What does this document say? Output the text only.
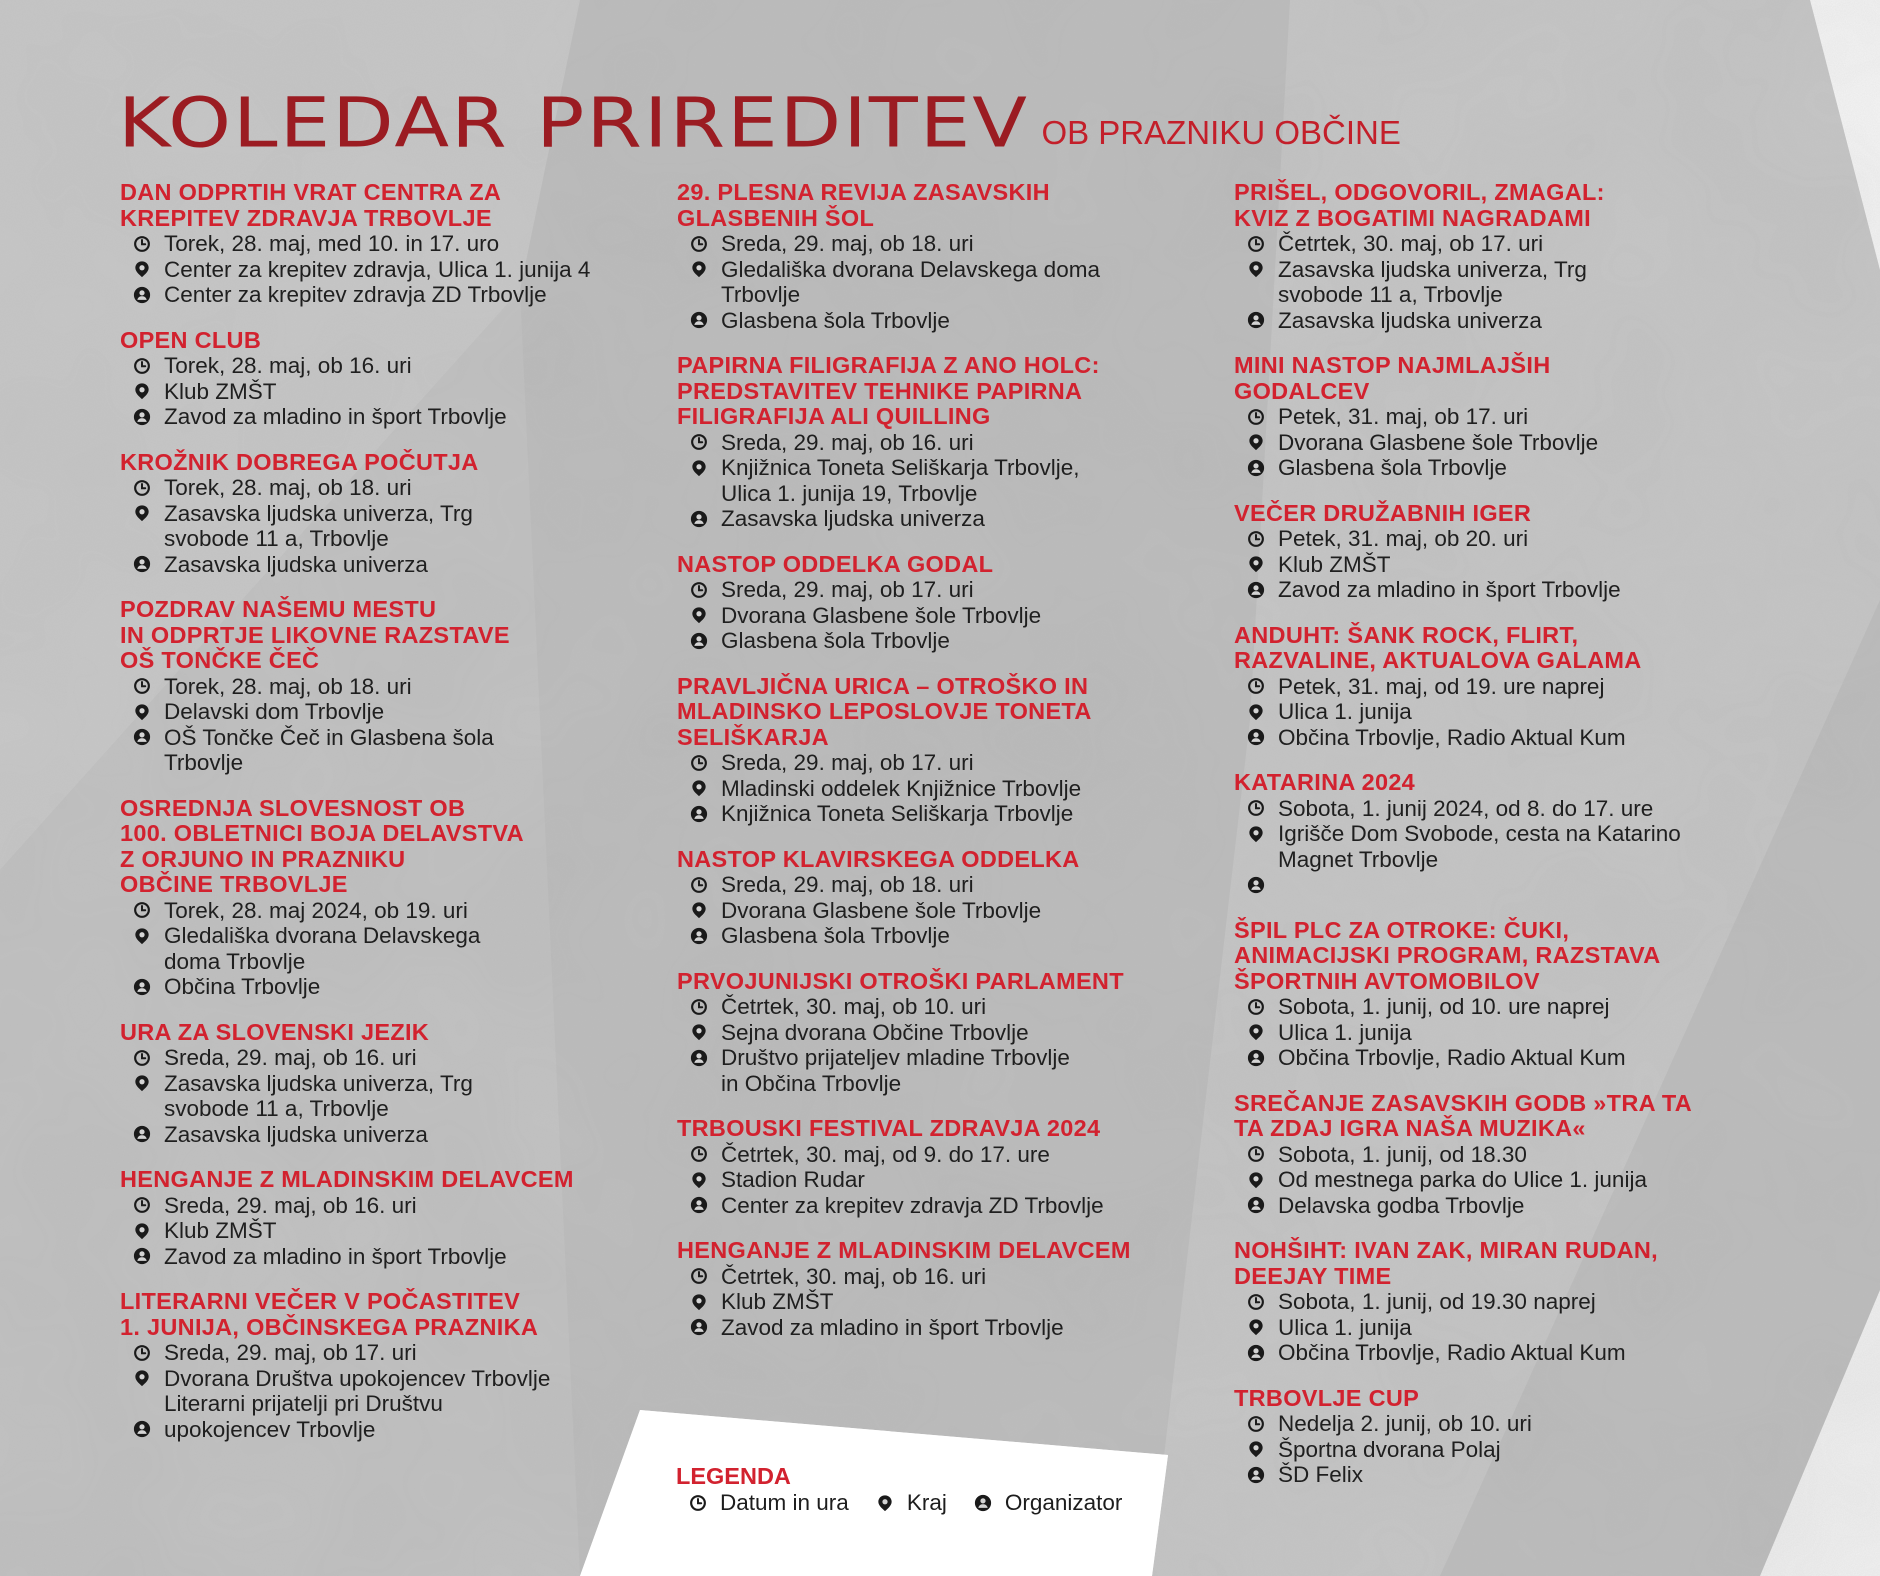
KOLEDAR PRIREDITEV OB PRAZNIKU OBČINE
DAN ODPRTIH VRAT CENTRA ZA
KREPITEV ZDRAVJA TRBOVLJE
Torek, 28. maj, med 10. in 17. uro
Center za krepitev zdravja, Ulica 1. junija 4
Center za krepitev zdravja ZD Trbovlje
OPEN CLUB
Torek, 28. maj, ob 16. uri
Klub ZMŠT
Zavod za mladino in šport Trbovlje
KROŽNIK DOBREGA POČUTJA
Torek, 28. maj, ob 18. uri
Zasavska ljudska univerza, Trg
svobode 11 a, Trbovlje
Zasavska ljudska univerza
POZDRAV NAŠEMU MESTU
IN ODPRTJE LIKOVNE RAZSTAVE
OŠ TONČKE ČEČ
Torek, 28. maj, ob 18. uri
Delavski dom Trbovlje
OŠ Tončke Čeč in Glasbena šola
Trbovlje
OSREDNJA SLOVESNOST OB
100. OBLETNICI BOJA DELAVSTVA
Z ORJUNO IN PRAZNIKU
OBČINE TRBOVLJE
Torek, 28. maj 2024, ob 19. uri
Gledališka dvorana Delavskega
doma Trbovlje
Občina Trbovlje
URA ZA SLOVENSKI JEZIK
Sreda, 29. maj, ob 16. uri
Zasavska ljudska univerza, Trg
svobode 11 a, Trbovlje
Zasavska ljudska univerza
HENGANJE Z MLADINSKIM DELAVCEM
Sreda, 29. maj, ob 16. uri
Klub ZMŠT
Zavod za mladino in šport Trbovlje
LITERARNI VEČER V POČASTITEV
1. JUNIJA, OBČINSKEGA PRAZNIKA
Sreda, 29. maj, ob 17. uri
Dvorana Društva upokojencev Trbovlje
Literarni prijatelji pri Društvu
upokojencev Trbovlje
29. PLESNA REVIJA ZASAVSKIH
GLASBENIH ŠOL
Sreda, 29. maj, ob 18. uri
Gledališka dvorana Delavskega doma
Trbovlje
Glasbena šola Trbovlje
PAPIRNA FILIGRAFIJA Z ANO HOLC:
PREDSTAVITEV TEHNIKE PAPIRNA
FILIGRAFIJA ALI QUILLING
Sreda, 29. maj, ob 16. uri
Knjižnica Toneta Seliškarja Trbovlje,
Ulica 1. junija 19, Trbovlje
Zasavska ljudska univerza
NASTOP ODDELKA GODAL
Sreda, 29. maj, ob 17. uri
Dvorana Glasbene šole Trbovlje
Glasbena šola Trbovlje
PRAVLJIČNA URICA – OTROŠKO IN
MLADINSKO LEPOSLOVJE TONETA
SELIŠKARJA
Sreda, 29. maj, ob 17. uri
Mladinski oddelek Knjižnice Trbovlje
Knjižnica Toneta Seliškarja Trbovlje
NASTOP KLAVIRSKEGA ODDELKA
Sreda, 29. maj, ob 18. uri
Dvorana Glasbene šole Trbovlje
Glasbena šola Trbovlje
PRVOJUNIJSKI OTROŠKI PARLAMENT
Četrtek, 30. maj, ob 10. uri
Sejna dvorana Občine Trbovlje
Društvo prijateljev mladine Trbovlje
in Občina Trbovlje
TRBOUSKI FESTIVAL ZDRAVJA 2024
Četrtek, 30. maj, od 9. do 17. ure
Stadion Rudar
Center za krepitev zdravja ZD Trbovlje
HENGANJE Z MLADINSKIM DELAVCEM
Četrtek, 30. maj, ob 16. uri
Klub ZMŠT
Zavod za mladino in šport Trbovlje
PRIŠEL, ODGOVORIL, ZMAGAL:
KVIZ Z BOGATIMI NAGRADAMI
Četrtek, 30. maj, ob 17. uri
Zasavska ljudska univerza, Trg
svobode 11 a, Trbovlje
Zasavska ljudska univerza
MINI NASTOP NAJMLAJŠIH
GODALCEV
Petek, 31. maj, ob 17. uri
Dvorana Glasbene šole Trbovlje
Glasbena šola Trbovlje
VEČER DRUŽABNIH IGER
Petek, 31. maj, ob 20. uri
Klub ZMŠT
Zavod za mladino in šport Trbovlje
ANDUHT: ŠANK ROCK, FLIRT,
RAZVALINE, AKTUALOVA GALAMA
Petek, 31. maj, od 19. ure naprej
Ulica 1. junija
Občina Trbovlje, Radio Aktual Kum
KATARINA 2024
Sobota, 1. junij 2024, od 8. do 17. ure
Igrišče Dom Svobode, cesta na Katarino
Magnet Trbovlje
ŠPIL PLC ZA OTROKE: ČUKI,
ANIMACIJSKI PROGRAM, RAZSTAVA
ŠPORTNIH AVTOMOBILOV
Sobota, 1. junij, od 10. ure naprej
Ulica 1. junija
Občina Trbovlje, Radio Aktual Kum
SREČANJE ZASAVSKIH GODB »TRA TA
TA ZDAJ IGRA NAŠA MUZIKA«
Sobota, 1. junij, od 18.30
Od mestnega parka do Ulice 1. junija
Delavska godba Trbovlje
NOHŠIHT: IVAN ZAK, MIRAN RUDAN,
DEEJAY TIME
Sobota, 1. junij, od 19.30 naprej
Ulica 1. junija
Občina Trbovlje, Radio Aktual Kum
TRBOVLJE CUP
Nedelja 2. junij, ob 10. uri
Športna dvorana Polaj
ŠD Felix
LEGENDA
Datum in ura	Kraj	Organizator
